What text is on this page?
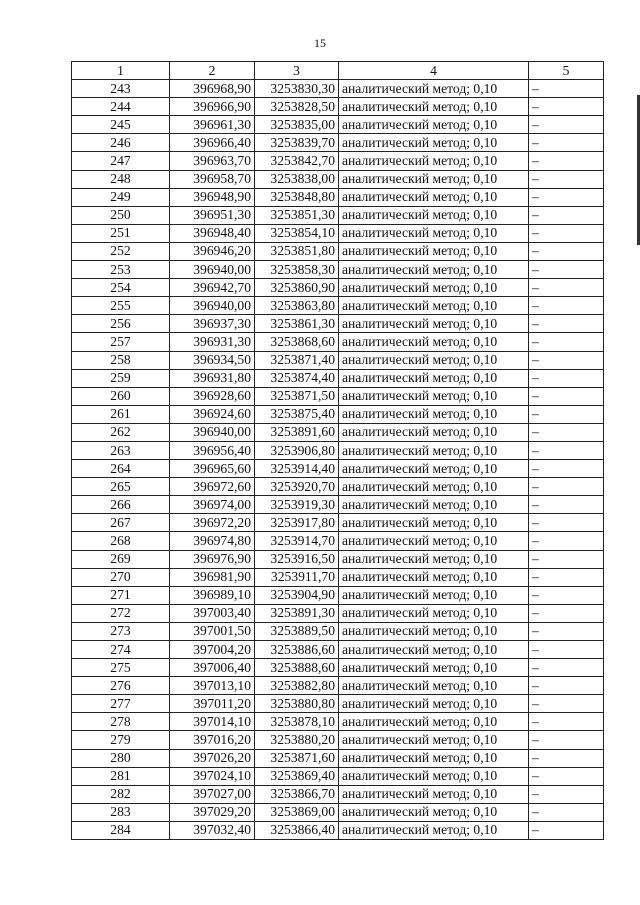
15
1	2	3	4	5
243	396968,90	3253830,30	аналитический метод; 0,10	–
244	396966,90	3253828,50	аналитический метод; 0,10	–
245	396961,30	3253835,00	аналитический метод; 0,10	–
246	396966,40	3253839,70	аналитический метод; 0,10	–
247	396963,70	3253842,70	аналитический метод; 0,10	–
248	396958,70	3253838,00	аналитический метод; 0,10	–
249	396948,90	3253848,80	аналитический метод; 0,10	–
250	396951,30	3253851,30	аналитический метод; 0,10	–
251	396948,40	3253854,10	аналитический метод; 0,10	–
252	396946,20	3253851,80	аналитический метод; 0,10	–
253	396940,00	3253858,30	аналитический метод; 0,10	–
254	396942,70	3253860,90	аналитический метод; 0,10	–
255	396940,00	3253863,80	аналитический метод; 0,10	–
256	396937,30	3253861,30	аналитический метод; 0,10	–
257	396931,30	3253868,60	аналитический метод; 0,10	–
258	396934,50	3253871,40	аналитический метод; 0,10	–
259	396931,80	3253874,40	аналитический метод; 0,10	–
260	396928,60	3253871,50	аналитический метод; 0,10	–
261	396924,60	3253875,40	аналитический метод; 0,10	–
262	396940,00	3253891,60	аналитический метод; 0,10	–
263	396956,40	3253906,80	аналитический метод; 0,10	–
264	396965,60	3253914,40	аналитический метод; 0,10	–
265	396972,60	3253920,70	аналитический метод; 0,10	–
266	396974,00	3253919,30	аналитический метод; 0,10	–
267	396972,20	3253917,80	аналитический метод; 0,10	–
268	396974,80	3253914,70	аналитический метод; 0,10	–
269	396976,90	3253916,50	аналитический метод; 0,10	–
270	396981,90	3253911,70	аналитический метод; 0,10	–
271	396989,10	3253904,90	аналитический метод; 0,10	–
272	397003,40	3253891,30	аналитический метод; 0,10	–
273	397001,50	3253889,50	аналитический метод; 0,10	–
274	397004,20	3253886,60	аналитический метод; 0,10	–
275	397006,40	3253888,60	аналитический метод; 0,10	–
276	397013,10	3253882,80	аналитический метод; 0,10	–
277	397011,20	3253880,80	аналитический метод; 0,10	–
278	397014,10	3253878,10	аналитический метод; 0,10	–
279	397016,20	3253880,20	аналитический метод; 0,10	–
280	397026,20	3253871,60	аналитический метод; 0,10	–
281	397024,10	3253869,40	аналитический метод; 0,10	–
282	397027,00	3253866,70	аналитический метод; 0,10	–
283	397029,20	3253869,00	аналитический метод; 0,10	–
284	397032,40	3253866,40	аналитический метод; 0,10	–
